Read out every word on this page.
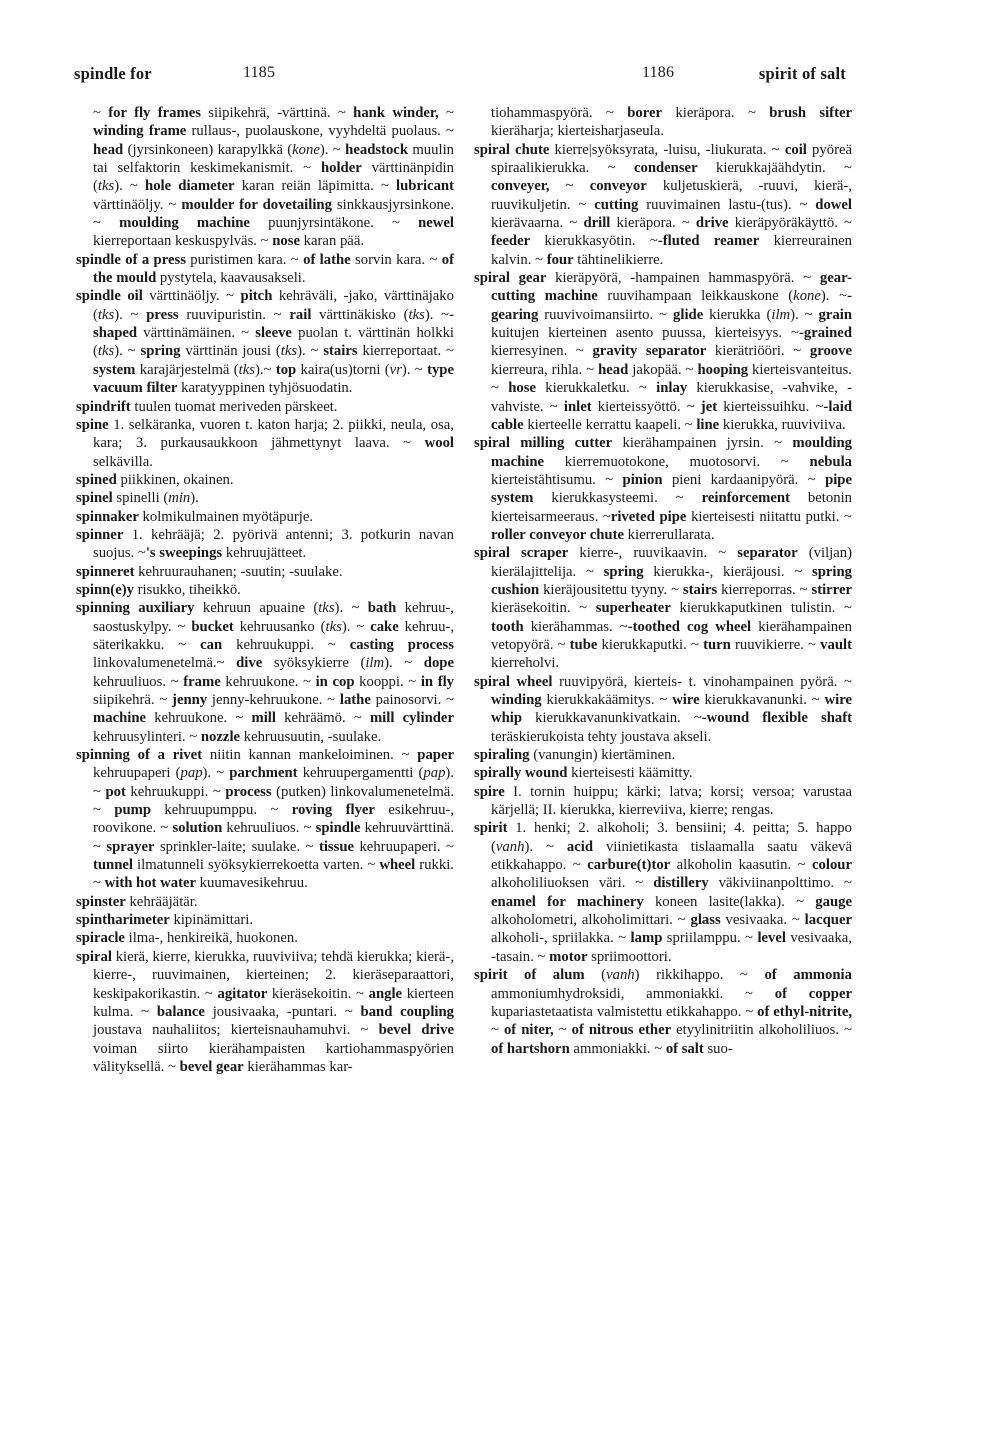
spindle for	1185	1186	spirit of salt

~ for fly frames siipikehrä, -värttinä. ~ hank winder, ~ winding frame rullaus-, puolauskone, vyyhdeltä puolaus. ~ head (jyrsinkoneen) karapylkkä (kone). ~ headstock muulin tai selfaktorin keskimekanismit. ~ holder värttinänpidin (tks). ~ hole diameter karan reiän läpimitta. ~ lubricant värttinäöljy. ~ moulder for dovetailing sinkkausjyrsinkone. ~ moulding machine puunjyrsintäkone. ~ newel kierreportaan keskuspylväs. ~ nose karan pää.

spindle of a press puristimen kara. ~ of lathe sorvin kara. ~ of the mould pystytela, kaavausakseli.

spindle oil värttinäöljy. ~ pitch kehräväli, -jako, värttinäjako (tks). ~ press ruuvipuristin. ~ rail värttinäkisko (tks). ~-shaped värttinämäinen. ~ sleeve puolan t. värttinän holkki (tks). ~ spring värttinän jousi (tks). ~ stairs kierreportaat. ~ system karajärjestelmä (tks).~ top kaira(us)torni (vr). ~ type vacuum filter karatyyppinen tyhjösuodatin.

spindrift tuulen tuomat meriveden pärskeet.

spine 1. selkäranka, vuoren t. katon harja; 2. piikki, neula, osa, kara; 3. purkausaukkoon jähmettynyt laava. ~ wool selkävilla.

spined piikkinen, okainen.

spinel spinelli (min).

spinnaker kolmikulmainen myötäpurje.

spinner 1. kehrääjä; 2. pyörivä antenni; 3. potkurin navan suojus. ~'s sweepings kehruujätteet.

spinneret kehruurauhanen; -suutin; -suulake.

spinn(e)y risukko, tiheikkö.

spinning auxiliary kehruun apuaine (tks). ~ bath kehruu-, saostuskylpy. ~ bucket kehruusanko (tks). ~ cake kehruu-, säterikakku. ~ can kehruukuppi. ~ casting process linkovalumenetelmä.~ dive syöksykierre (ilm). ~ dope kehruuliuos. ~ frame kehruukone. ~ in cop kooppi. ~ in fly siipikehrä. ~ jenny jenny-kehruukone. ~ lathe painosorvi. ~ machine kehruukone. ~ mill kehräämö. ~ mill cylinder kehruusylinteri. ~ nozzle kehruusuutin, -suulake.

spinning of a rivet niitin kannan mankeloiminen. ~ paper kehruupaperi (pap). ~ parchment kehruupergamentti (pap). ~ pot kehruukuppi. ~ process (putken) linkovalumenetelmä. ~ pump kehruupumppu. ~ roving flyer esikehruu-, roovikone. ~ solution kehruuliuos. ~ spindle kehruuvärttinä. ~ sprayer sprinkler-laite; suulake. ~ tissue kehruupaperi. ~ tunnel ilmatunneli syöksykierrekoetta varten. ~ wheel rukki. ~ with hot water kuumavesikehruu.

spinster kehrääjätär.

spintharimeter kipinämittari.

spiracle ilma-, henkireikä, huokonen.

spiral kierä, kierre, kierukka, ruuviviiva; tehdä kierukka; kierä-, kierre-, ruuvimainen, kierteinen; 2. kieräseparaattori, keskipakorikastin. ~ agitator kieräsekoitin. ~ angle kierteen kulma. ~ balance jousivaaka, -puntari. ~ band coupling joustava nauhaliitos; kierteisnauhamuhvi. ~ bevel drive voiman siirto kierähampaisten kartiohammaspyörien välityksellä. ~ bevel gear kierähammas kar-

tiohammaspyörä. ~ borer kieräpora. ~ brush sifter kieräharja; kierteisharjaseula.

spiral chute kierre|syöksyrata, -luisu, -liukurata. ~ coil pyöreä spiraalikierukka. ~ condenser kierukkajäähdytin. ~ conveyer, ~ conveyor kuljetuskierä, -ruuvi, kierä-, ruuvikuljetin. ~ cutting ruuvimainen lastu-(tus). ~ dowel kierävaarna. ~ drill kieräpora. ~ drive kieräpyöräkäyttö. ~ feeder kierukkasyötin. ~-fluted reamer kierreurainen kalvin. ~ four tähtinelikierre.

spiral gear kieräpyörä, -hampainen hammaspyörä. ~ gear-cutting machine ruuvihampaan leikkauskone (kone). ~-gearing ruuvivoimansiirto. ~ glide kierukka (ilm). ~ grain kuitujen kierteinen asento puussa, kierteisyys. ~-grained kierresyinen. ~ gravity separator kierätriööri. ~ groove kierreura, rihla. ~ head jakopää. ~ hooping kierteisvanteitus. ~ hose kierukkaletku. ~ inlay kierukkasise, -vahvike, -vahviste. ~ inlet kierteissyöttö. ~ jet kierteissuihku. ~-laid cable kierteelle kerrattu kaapeli. ~ line kierukka, ruuviviiva.

spiral milling cutter kierähampainen jyrsin. ~ moulding machine kierremuotokone, muotosorvi. ~ nebula kierteistähtisumu. ~ pinion pieni kardaanipyörä. ~ pipe system kierukkasysteemi. ~ reinforcement betonin kierteisarmeeraus. ~riveted pipe kierteisesti niitattu putki. ~ roller conveyor chute kierrerullarata.

spiral scraper kierre-, ruuvikaavin. ~ separator (viljan) kierälajittelija. ~ spring kierukka-, kieräjousi. ~ spring cushion kieräjousitettu tyyny. ~ stairs kierreporras. ~ stirrer kieräsekoitin. ~ superheater kierukkaputkinen tulistin. ~ tooth kierähammas. ~-toothed cog wheel kierähampainen vetopyörä. ~ tube kierukkaputki. ~ turn ruuvikierre. ~ vault kierreholvi.

spiral wheel ruuvipyörä, kierteis- t. vinohampainen pyörä. ~ winding kierukkakäämitys. ~ wire kierukkavanunki. ~ wire whip kierukkavanunkivatkain. ~-wound flexible shaft teräskierukoista tehty joustava akseli.

spiraling (vanungin) kiertäminen.

spirally wound kierteisesti käämitty.

spire I. tornin huippu; kärki; latva; korsi; versoa; varustaa kärjellä; II. kierukka, kierreviiva, kierre; rengas.

spirit 1. henki; 2. alkoholi; 3. bensiini; 4. peitta; 5. happo (vanh). ~ acid viinietikasta tislaamalla saatu väkevä etikkahappo. ~ carbure(t)tor alkoholin kaasutin. ~ colour alkoholiliuoksen väri. ~ distillery väkiviinanpolttimo. ~ enamel for machinery koneen lasite(lakka). ~ gauge alkoholometri, alkoholimittari. ~ glass vesivaaka. ~ lacquer alkoholi-, spriilakka. ~ lamp spriilamppu. ~ level vesivaaka, -tasain. ~ motor spriimoottori.

spirit of alum (vanh) rikkihappo. ~ of ammonia ammoniumhydroksidi, ammoniakki. ~ of copper kupariastetaatista valmistettu etikkahappo. ~ of ethyl-nitrite, ~ of niter, ~ of nitrous ether etyylinitriitin alkoholiliuos. ~ of hartshorn ammoniakki. ~ of salt suo-
